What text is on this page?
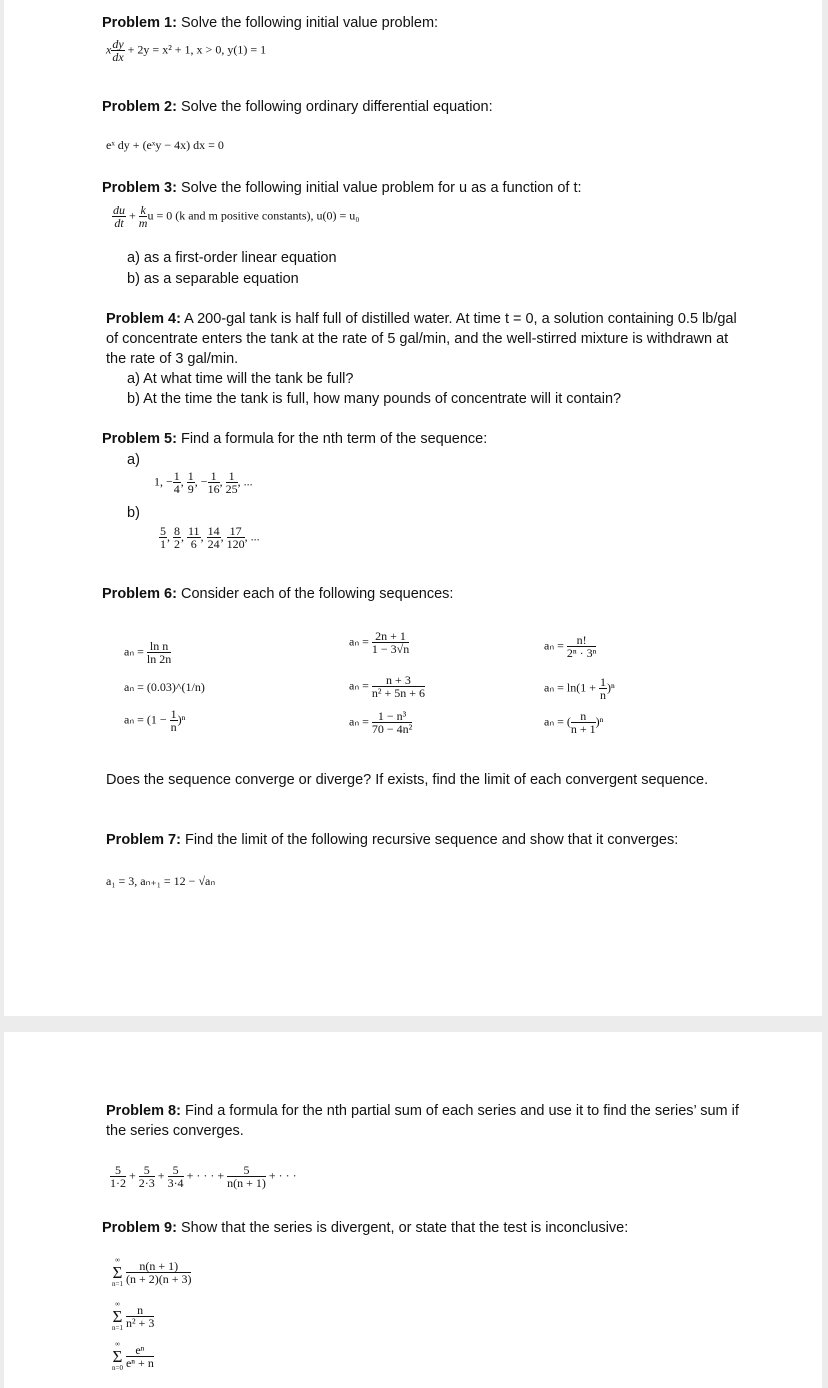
Problem 1: Solve the following initial value problem:
x $\frac{dy}{dx} + 2y = x^2 + 1$, x > 0, y(1) = 1
Problem 2: Solve the following ordinary differential equation:
eˣ dy + (eˣy − 4x) dx = 0
Problem 3: Solve the following initial value problem for u as a function of t:
$\frac{du}{dt} + \frac{k}{m}$ u = 0 (k and m positive constants), u(0) = u₀
a) as a first-order linear equation
b) as a separable equation
Problem 4: A 200-gal tank is half full of distilled water. At time t = 0, a solution containing 0.5 lb/gal of concentrate enters the tank at the rate of 5 gal/min, and the well-stirred mixture is withdrawn at the rate of 3 gal/min.
a) At what time will the tank be full?
b) At the time the tank is full, how many pounds of concentrate will it contain?
Problem 5: Find a formula for the nth term of the sequence:
a)
1, − $\frac{1}{4}$ , $\frac{1}{9}$ , − $\frac{1}{16}$ , $\frac{1}{25}$ , ...
b)
$\frac{5}{1}$ , $\frac{8}{2}$ , $\frac{11}{6}$ , $\frac{14}{24}$ , $\frac{17}{120}$ , ...
Problem 6: Consider each of the following sequences:
$a_n = \frac{\text{ln n}}{\ln 2n}$	$a_n = \frac{2n + 1}{1 - 3√n}$	$a_n = \frac{n!}{\text{2ⁿ · 3ⁿ}}$
aₙ = (0.03)^(1/n)	$a_n = \frac{n + 3}{\text{n² + 5n + 6}}$	$a_n = \ln(1 + \frac{1}{n} )^n$
$a_n = (1 - \frac{1}{n} )^n$	$a_n = \frac{\text{1 − n³}}{\text{70 − 4n²}}$	aₙ = ( $\frac{n}{n + 1} )^n$
Does the sequence converge or diverge? If exists, find the limit of each convergent sequence.
Problem 7: Find the limit of the following recursive sequence and show that it converges:
a₁ = 3, aₙ₊₁ = 12 − √aₙ
Problem 8: Find a formula for the nth partial sum of each series and use it to find the series’ sum if the series converges.
$\frac{5}{1\cdot 2} + \frac{5}{2\cdot 3} + \frac{5}{3\cdot 4}$ + · · · + $\frac{5}{n(n + 1)}$ + · · ·
Problem 9: Show that the series is divergent, or state that the test is inconclusive:
∞
Σ
n=1
$\frac{n(n + 1)}{(n + 2)(n + 3)}$
∞
Σ
n=1
$\frac{n}{\text{n² + 3}}$
∞
Σ
n=0
$\frac{\text{eⁿ}}{\text{eⁿ + n}}$
